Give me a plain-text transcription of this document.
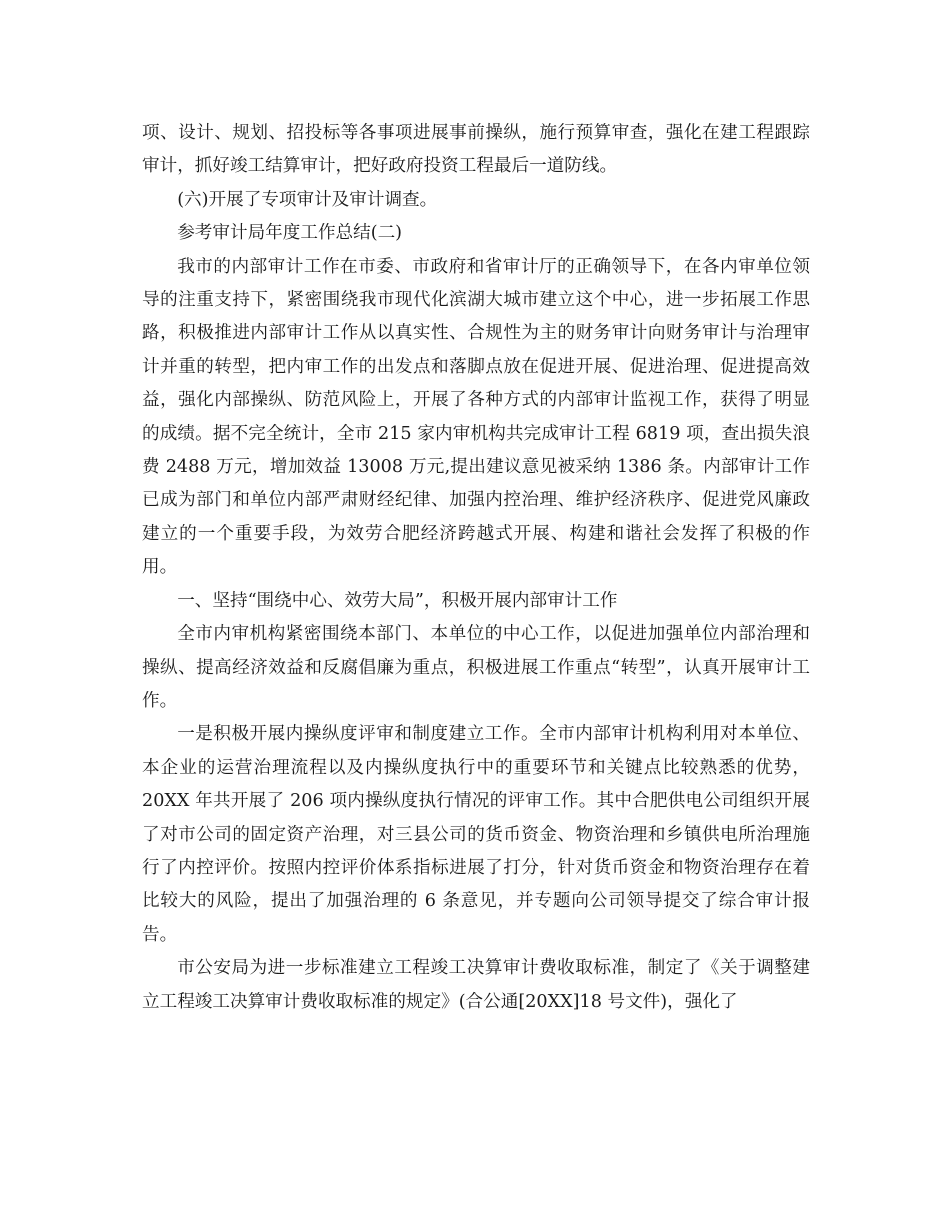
项、设计、规划、招投标等各事项进展事前操纵，施行预算审查，强化在建工程跟踪审计，抓好竣工结算审计，把好政府投资工程最后一道防线。

(六)开展了专项审计及审计调查。

参考审计局年度工作总结(二)

我市的内部审计工作在市委、市政府和省审计厅的正确领导下，在各内审单位领导的注重支持下，紧密围绕我市现代化滨湖大城市建立这个中心，进一步拓展工作思路，积极推进内部审计工作从以真实性、合规性为主的财务审计向财务审计与治理审计并重的转型，把内审工作的出发点和落脚点放在促进开展、促进治理、促进提高效益，强化内部操纵、防范风险上，开展了各种方式的内部审计监视工作，获得了明显的成绩。据不完全统计，全市 215 家内审机构共完成审计工程 6819 项，查出损失浪费 2488 万元，增加效益 13008 万元,提出建议意见被采纳 1386 条。内部审计工作已成为部门和单位内部严肃财经纪律、加强内控治理、维护经济秩序、促进党风廉政建立的一个重要手段，为效劳合肥经济跨越式开展、构建和谐社会发挥了积极的作用。

一、坚持“围绕中心、效劳大局”，积极开展内部审计工作

全市内审机构紧密围绕本部门、本单位的中心工作，以促进加强单位内部治理和操纵、提高经济效益和反腐倡廉为重点，积极进展工作重点“转型”，认真开展审计工作。

一是积极开展内操纵度评审和制度建立工作。全市内部审计机构利用对本单位、本企业的运营治理流程以及内操纵度执行中的重要环节和关键点比较熟悉的优势，20XX 年共开展了 206 项内操纵度执行情况的评审工作。其中合肥供电公司组织开展了对市公司的固定资产治理，对三县公司的货币资金、物资治理和乡镇供电所治理施行了内控评价。按照内控评价体系指标进展了打分，针对货币资金和物资治理存在着比较大的风险，提出了加强治理的 6 条意见，并专题向公司领导提交了综合审计报告。

市公安局为进一步标准建立工程竣工决算审计费收取标准，制定了《关于调整建立工程竣工决算审计费收取标准的规定》(合公通[20XX]18 号文件)，强化了
